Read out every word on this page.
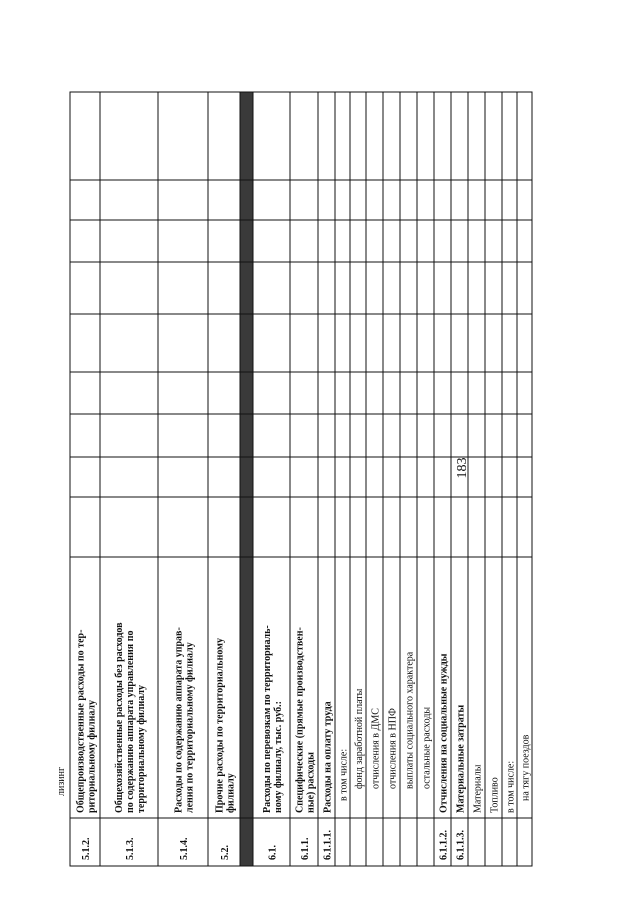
183
лизинг
5.1.2.
Общепроизводственные расходы по тер- риториальному филиалу
5.1.3.
Общехозяйственные расходы без расходов по содержанию аппарата управления по территориальному филиалу
5.1.4.
Расходы по содержанию аппарата управ- ления по территориальному филиалу
5.2.
Прочие расходы по территориальному филиалу
6.1.
Расходы по перевозкам по территориаль- ному филиалу, тыс. руб.:
6.1.1.
Специфические (прямые производствен- ные) расходы
6.1.1.1.
Расходы на оплату труда в том числе: фонд заработной платы отчисления в ДМС отчисления в НПФ выплаты социального характера остальные расходы
6.1.1.2.
Отчисления на социальные нужды
6.1.1.3.
Материальные затраты Материалы Топливо в том числе: на тягу поездов
